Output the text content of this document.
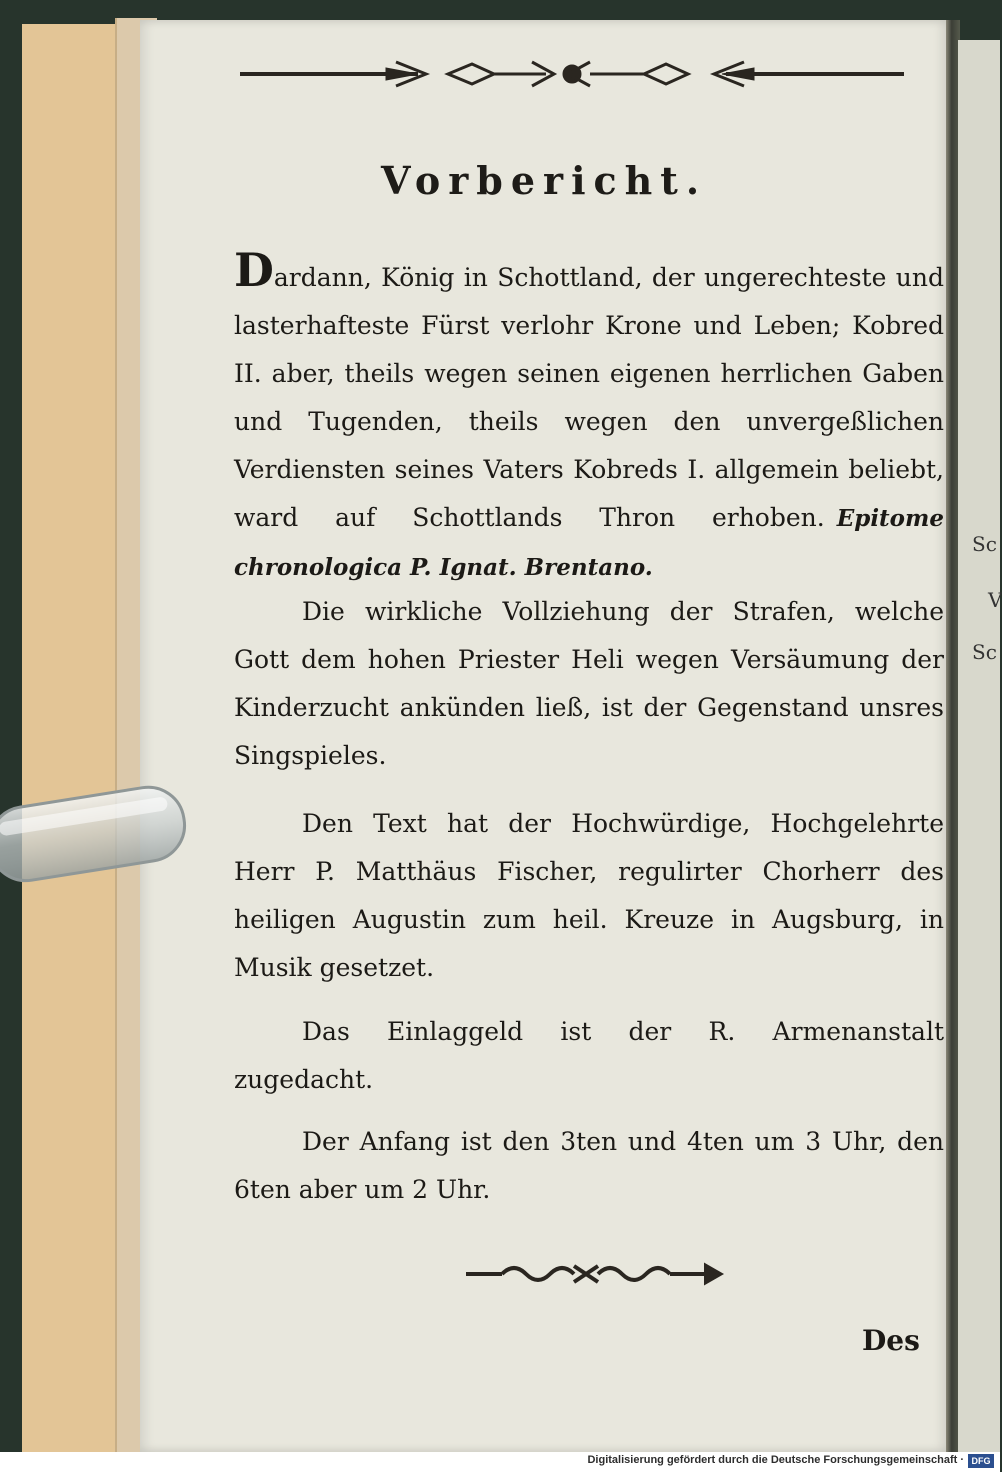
Vorbericht.

Dardann, König in Schottland, der ungerechteste und lasterhafteste Fürst verlohr Krone und Leben; Kobred II. aber, theils wegen seinen eigenen herrlichen Gaben und Tugenden, theils wegen den unvergeßlichen Verdiensten seines Vaters Kobreds I. allgemein beliebt, ward auf Schottlands Thron erhoben. Epitome chronologica P. Ignat. Brentano.

Die wirkliche Vollziehung der Strafen, welche Gott dem hohen Priester Heli wegen Versäumung der Kinderzucht ankünden ließ, ist der Gegenstand unsres Singspieles.

Den Text hat der Hochwürdige, Hochgelehrte Herr P. Matthäus Fischer, regulirter Chorherr des heiligen Augustin zum heil. Kreuze in Augsburg, in Musik gesetzet.

Das Einlaggeld ist der R. Armenanstalt zugedacht.

Der Anfang ist den 3ten und 4ten um 3 Uhr, den 6ten aber um 2 Uhr.

Des
Sc
V
Sc
Digitalisierung gefördert durch die Deutsche Forschungsgemeinschaft · DFG
